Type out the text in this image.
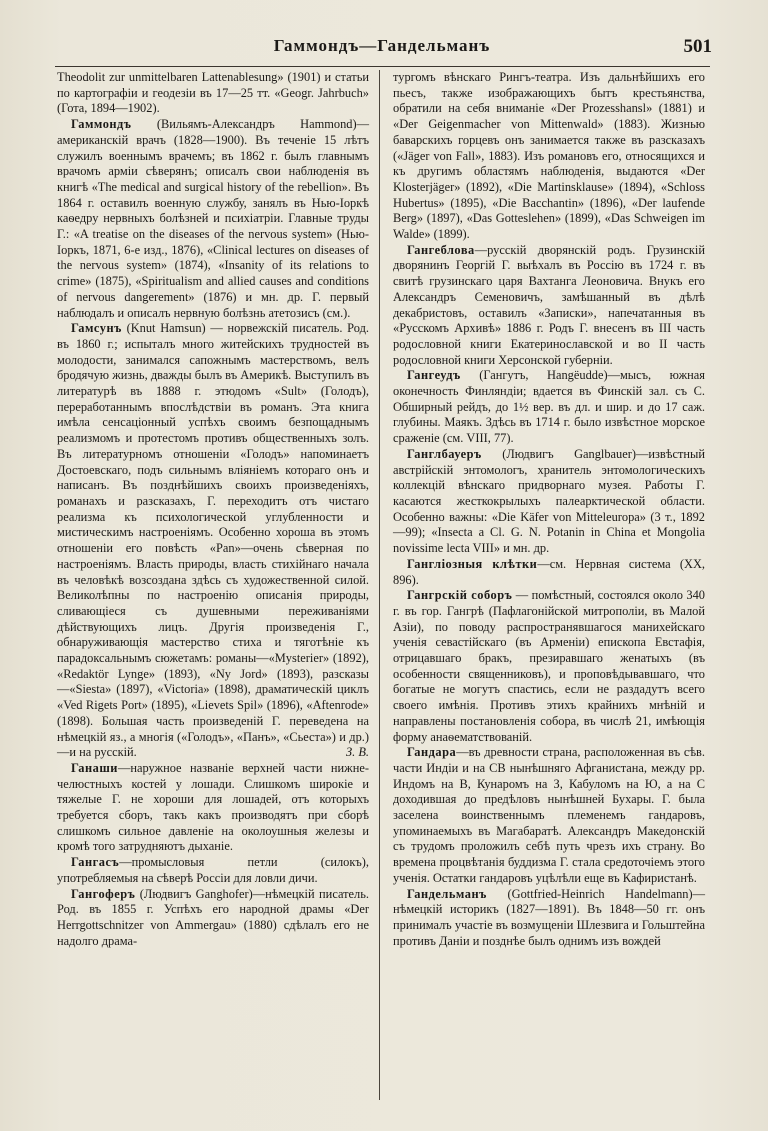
Гаммондъ—Гандельманъ	501

Theodolit zur unmittelbaren Lattenablesung» (1901) и статьи по картографіи и геодезіи въ 17—25 тт. «Geogr. Jahrbuch» (Гота, 1894—1902).

Гаммондъ (Вильямъ-Александръ Hammond)—американскій врачъ (1828—1900). Въ теченіе 15 лѣтъ служилъ военнымъ врачемъ; въ 1862 г. былъ главнымъ врачомъ арміи сѣверянъ; описалъ свои наблюденія въ книгѣ «The medical and surgical history of the rebellion». Въ 1864 г. оставилъ военную службу, занялъ въ Нью-Іоркѣ каѳедру нервныхъ болѣзней и психіатріи. Главные труды Г.: «A treatise on the diseases of the nervous system» (Нью-Іоркъ, 1871, 6-е изд., 1876), «Clinical lectures on diseases of the nervous system» (1874), «Insanity of its relations to crime» (1875), «Spiritualism and allied causes and conditions of nervous dangerement» (1876) и мн. др. Г. первый наблюдалъ и описалъ нервную болѣзнь атетозисъ (см.).

Гамсунъ (Knut Hamsun) — норвежскій писатель. Род. въ 1860 г.; испыталъ много житейскихъ трудностей въ молодости, занимался сапожнымъ мастерствомъ, велъ бродячую жизнь, дважды былъ въ Америкѣ. Выступилъ въ литературѣ въ 1888 г. этюдомъ «Sult» (Голодъ), переработаннымъ впослѣдствіи въ романъ. Эта книга имѣла сенсаціонный успѣхъ своимъ безпощаднымъ реализмомъ и протестомъ противъ общественныхъ золъ. Въ литературномъ отношеніи «Голодъ» напоминаетъ Достоевскаго, подъ сильнымъ вліяніемъ котораго онъ и написанъ. Въ позднѣйшихъ своихъ произведеніяхъ, романахъ и разсказахъ, Г. переходитъ отъ чистаго реализма къ психологической углубленности и мистическимъ настроеніямъ. Особенно хороша въ этомъ отношеніи его повѣсть «Pan»—очень сѣверная по настроеніямъ. Власть природы, власть стихійнаго начала въ человѣкѣ возсоздана здѣсь съ художественной силой. Великолѣпны по настроенію описанія природы, сливающіеся съ душевными переживаніями дѣйствующихъ лицъ. Другія произведенія Г., обнаруживающія мастерство стиха и тяготѣніе къ парадоксальнымъ сюжетамъ: романы—«Mysterier» (1892), «Redaktör Lynge» (1893), «Ny Jord» (1893), разсказы—«Siesta» (1897), «Victoria» (1898), драматическій циклъ «Ved Rigets Port» (1895), «Lievets Spil» (1896), «Aftenrode» (1898). Большая часть произведеній Г. переведена на нѣмецкій яз., а многія («Голодъ», «Панъ», «Сьеста») и др.)—и на русскій.	З. В.

Ганаши—наружное названіе верхней части нижне-челюстныхъ костей у лошади. Слишкомъ широкіе и тяжелые Г. не хороши для лошадей, отъ которыхъ требуется сборъ, такъ какъ производятъ при сборѣ слишкомъ сильное давленіе на околоушныя железы и кромѣ того затрудняютъ дыханіе.

Гангасъ—промысловыя петли (силокъ), употребляемыя на сѣверѣ Россіи для ловли дичи.

Гангоферъ (Людвигъ Ganghofer)—нѣмецкій писатель. Род. въ 1855 г. Успѣхъ его народной драмы «Der Herrgottschnitzer von Ammergau» (1880) сдѣлалъ его не надолго драма-

тургомъ вѣнскаго Рингъ-театра. Изъ дальнѣйшихъ его пьесъ, также изображающихъ бытъ крестьянства, обратили на себя вниманіе «Der Prozesshansl» (1881) и «Der Geigenmacher von Mittenwald» (1883). Жизнью баварскихъ горцевъ онъ занимается также въ разсказахъ («Jäger von Fall», 1883). Изъ романовъ его, относящихся и къ другимъ областямъ наблюденія, выдаются «Der Klosterjäger» (1892), «Die Martinsklause» (1894), «Schloss Hubertus» (1895), «Die Bacchantin» (1896), «Der laufende Berg» (1897), «Das Gotteslehen» (1899), «Das Schweigen im Walde» (1899).

Гангеблова—русскій дворянскій родъ. Грузинскій дворянинъ Георгій Г. выѣхалъ въ Россію въ 1724 г. въ свитѣ грузинскаго царя Вахтанга Леоновича. Внукъ его Александръ Семеновичъ, замѣшанный въ дѣлѣ декабристовъ, оставилъ «Записки», напечатанныя въ «Русскомъ Архивѣ» 1886 г. Родъ Г. внесенъ въ III часть родословной книги Екатеринославской и во II часть родословной книги Херсонской губерніи.

Гангеудъ (Гангутъ, Hangëudde)—мысъ, южная оконечность Финляндіи; вдается въ Финскій зал. съ С. Обширный рейдъ, до 1½ вер. въ дл. и шир. и до 17 саж. глубины. Маякъ. Здѣсь въ 1714 г. было извѣстное морское сраженіе (см. VIII, 77).

Ганглбауеръ (Людвигъ Ganglbauer)—извѣстный австрійскій энтомологъ, хранитель энтомологическихъ коллекцій вѣнскаго придворнаго музея. Работы Г. касаются жесткокрылыхъ палеарктической области. Особенно важны: «Die Käfer von Mitteleuropa» (3 т., 1892—99); «Insecta a Cl. G. N. Potanin in China et Mongolia novissime lecta VIII» и мн. др.

Ганглiозныя клѣтки—см. Нервная система (XX, 896).

Гангрскій соборъ — помѣстный, состоялся около 340 г. въ гор. Гангрѣ (Пафлагонійской митрополіи, въ Малой Азіи), по поводу распространявшагося манихейскаго ученія севастійскаго (въ Арменіи) епископа Евстафія, отрицавшаго бракъ, презиравшаго женатыхъ (въ особенности священниковъ), и проповѣдывавшаго, что богатые не могутъ спастись, если не раздадутъ всего своего имѣнія. Противъ этихъ крайнихъ мнѣній и направлены постановленія собора, въ числѣ 21, имѣющія форму анаѳематствованій.

Гандара—въ древности страна, расположенная въ сѣв. части Индіи и на СВ нынѣшняго Афганистана, между рр. Индомъ на В, Кунаромъ на З, Кабуломъ на Ю, а на С доходившая до предѣловъ нынѣшней Бухары. Г. была заселена воинственнымъ племенемъ гандаровъ, упоминаемыхъ въ Магабаратѣ. Александръ Македонскій съ трудомъ проложилъ себѣ путь чрезъ ихъ страну. Во времена процвѣтанія буддизма Г. стала средоточіемъ этого ученія. Остатки гандаровъ уцѣлѣли еще въ Кафиристанѣ.

Гандельманъ (Gottfried-Heinrich Handelmann)—нѣмецкій историкъ (1827—1891). Въ 1848—50 гг. онъ принималъ участіе въ возмущеніи Шлезвига и Гольштейна противъ Даніи и позднѣе былъ однимъ изъ вождей
